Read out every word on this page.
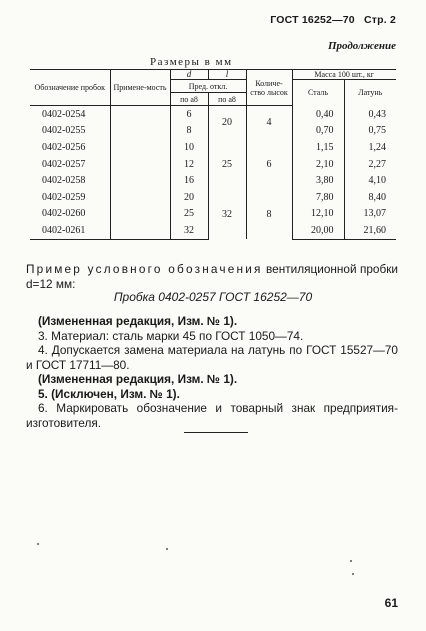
ГОСТ 16252—70 Стр. 2
Продолжение
Размеры в мм
Обозначение пробок	Примене-мость	d	l	Количе-ство лысок	Масса 100 шт., кг	
		Пред. откл.			Сталь	Латунь
		по а8	по а8			
0402-0254		6	20	4	0,40	0,43
0402-0255		8			0,70	0,75
0402-0256		10	25	6	1,15	1,24
0402-0257		12			2,10	2,27
0402-0258		16			3,80	4,10
0402-0259		20	32	8	7,80	8,40
0402-0260		25			12,10	13,07
0402-0261		32			20,00	21,60
Пример условного обозначения вентиляционной пробки d=12 мм:
Пробка 0402-0257 ГОСТ 16252—70
(Измененная редакция, Изм. № 1).
3. Материал: сталь марки 45 по ГОСТ 1050—74.
4. Допускается замена материала на латунь по ГОСТ 15527—70 и ГОСТ 17711—80.
(Измененная редакция, Изм. № 1).
5. (Исключен, Изм. № 1).
6. Маркировать обозначение и товарный знак предприятия-изготовителя.
61
